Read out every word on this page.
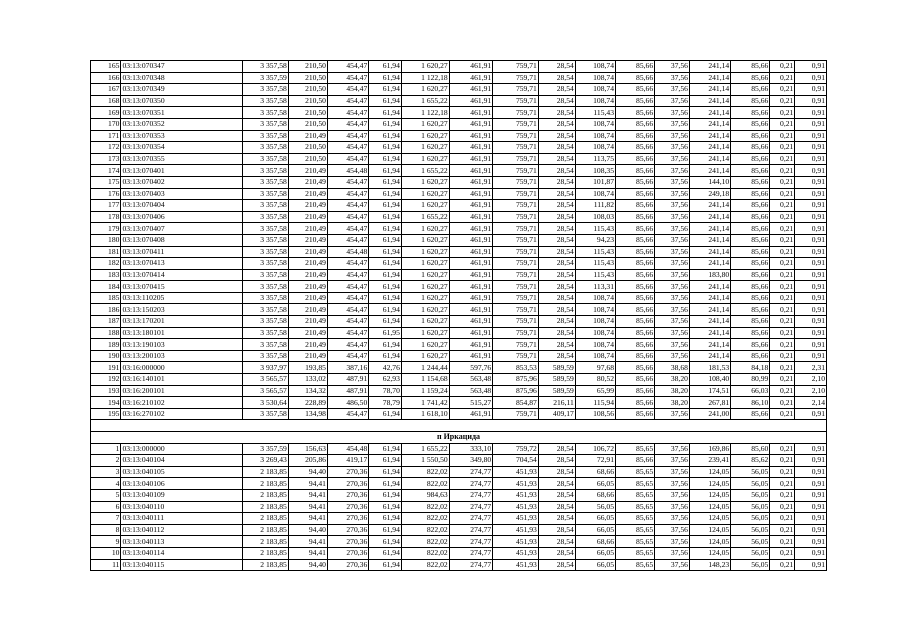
165	03:13:070347	3 357,58	210,50	454,47	61,94	1 620,27	461,91	759,71	28,54	108,74	85,66	37,56	241,14	85,66	0,21	0,91
166	03:13:070348	3 357,59	210,50	454,47	61,94	1 122,18	461,91	759,71	28,54	108,74	85,66	37,56	241,14	85,66	0,21	0,91
167	03:13:070349	3 357,58	210,50	454,47	61,94	1 620,27	461,91	759,71	28,54	108,74	85,66	37,56	241,14	85,66	0,21	0,91
168	03:13:070350	3 357,58	210,50	454,47	61,94	1 655,22	461,91	759,71	28,54	108,74	85,66	37,56	241,14	85,66	0,21	0,91
169	03:13:070351	3 357,58	210,50	454,47	61,94	1 122,18	461,91	759,71	28,54	115,43	85,66	37,56	241,14	85,66	0,21	0,91
170	03:13:070352	3 357,58	210,50	454,47	61,94	1 620,27	461,91	759,71	28,54	108,74	85,66	37,56	241,14	85,66	0,21	0,91
171	03:13:070353	3 357,58	210,49	454,47	61,94	1 620,27	461,91	759,71	28,54	108,74	85,66	37,56	241,14	85,66	0,21	0,91
172	03:13:070354	3 357,58	210,50	454,47	61,94	1 620,27	461,91	759,71	28,54	108,74	85,66	37,56	241,14	85,66	0,21	0,91
173	03:13:070355	3 357,58	210,50	454,47	61,94	1 620,27	461,91	759,71	28,54	113,75	85,66	37,56	241,14	85,66	0,21	0,91
174	03:13:070401	3 357,58	210,49	454,48	61,94	1 655,22	461,91	759,71	28,54	108,35	85,66	37,56	241,14	85,66	0,21	0,91
175	03:13:070402	3 357,58	210,49	454,47	61,94	1 620,27	461,91	759,71	28,54	101,87	85,66	37,56	144,10	85,66	0,21	0,91
176	03:13:070403	3 357,58	210,49	454,47	61,94	1 620,27	461,91	759,71	28,54	108,74	85,66	37,56	249,18	85,66	0,21	0,91
177	03:13:070404	3 357,58	210,49	454,47	61,94	1 620,27	461,91	759,71	28,54	111,82	85,66	37,56	241,14	85,66	0,21	0,91
178	03:13:070406	3 357,58	210,49	454,47	61,94	1 655,22	461,91	759,71	28,54	108,03	85,66	37,56	241,14	85,66	0,21	0,91
179	03:13:070407	3 357,58	210,49	454,47	61,94	1 620,27	461,91	759,71	28,54	115,43	85,66	37,56	241,14	85,66	0,21	0,91
180	03:13:070408	3 357,58	210,49	454,47	61,94	1 620,27	461,91	759,71	28,54	94,23	85,66	37,56	241,14	85,66	0,21	0,91
181	03:13:070411	3 357,58	210,49	454,48	61,94	1 620,27	461,91	759,71	28,54	115,43	85,66	37,56	241,14	85,66	0,21	0,91
182	03:13:070413	3 357,58	210,49	454,47	61,94	1 620,27	461,91	759,71	28,54	115,43	85,66	37,56	241,14	85,66	0,21	0,91
183	03:13:070414	3 357,58	210,49	454,47	61,94	1 620,27	461,91	759,71	28,54	115,43	85,66	37,56	183,80	85,66	0,21	0,91
184	03:13:070415	3 357,58	210,49	454,47	61,94	1 620,27	461,91	759,71	28,54	113,31	85,66	37,56	241,14	85,66	0,21	0,91
185	03:13:110205	3 357,58	210,49	454,47	61,94	1 620,27	461,91	759,71	28,54	108,74	85,66	37,56	241,14	85,66	0,21	0,91
186	03:13:150203	3 357,58	210,49	454,47	61,94	1 620,27	461,91	759,71	28,54	108,74	85,66	37,56	241,14	85,66	0,21	0,91
187	03:13:170201	3 357,58	210,49	454,47	61,94	1 620,27	461,91	759,71	28,54	108,74	85,66	37,56	241,14	85,66	0,21	0,91
188	03:13:180101	3 357,58	210,49	454,47	61,95	1 620,27	461,91	759,71	28,54	108,74	85,66	37,56	241,14	85,66	0,21	0,91
189	03:13:190103	3 357,58	210,49	454,47	61,94	1 620,27	461,91	759,71	28,54	108,74	85,66	37,56	241,14	85,66	0,21	0,91
190	03:13:200103	3 357,58	210,49	454,47	61,94	1 620,27	461,91	759,71	28,54	108,74	85,66	37,56	241,14	85,66	0,21	0,91
191	03:16:000000	3 937,97	193,85	387,16	42,76	1 244,44	597,76	853,53	589,59	97,68	85,66	38,68	181,53	84,18	0,21	2,31
192	03:16:140101	3 565,57	133,02	487,91	62,93	1 154,68	563,48	875,96	589,59	80,52	85,66	38,20	108,40	80,99	0,21	2,10
193	03:16:200101	3 565,57	134,32	487,91	78,70	1 159,24	563,48	875,96	589,59	65,99	85,66	38,20	174,51	66,03	0,21	2,10
194	03:16:210102	3 530,64	228,89	486,50	78,79	1 741,42	515,27	854,87	216,11	115,94	85,66	38,20	267,81	86,10	0,21	2,14
195	03:16:270102	3 357,58	134,98	454,47	61,94	1 618,10	461,91	759,71	409,17	108,56	85,66	37,56	241,00	85,66	0,21	0,91

п Иркацида																
1	03:13:000000	3 357,59	156,63	454,48	61,94	1 655,22	333,10	759,72	28,54	106,72	85,65	37,56	169,86	85,60	0,21	0,91
2	03:13:040104	3 269,43	205,86	419,17	61,94	1 550,50	349,80	704,54	28,54	72,91	85,66	37,56	239,41	85,62	0,21	0,91
3	03:13:040105	2 183,85	94,40	270,36	61,94	822,02	274,77	451,93	28,54	68,66	85,65	37,56	124,05	56,05	0,21	0,91
4	03:13:040106	2 183,85	94,41	270,36	61,94	822,02	274,77	451,93	28,54	66,05	85,65	37,56	124,05	56,05	0,21	0,91
5	03:13:040109	2 183,85	94,41	270,36	61,94	984,63	274,77	451,93	28,54	68,66	85,65	37,56	124,05	56,05	0,21	0,91
6	03:13:040110	2 183,85	94,41	270,36	61,94	822,02	274,77	451,93	28,54	56,05	85,65	37,56	124,05	56,05	0,21	0,91
7	03:13:040111	2 183,85	94,41	270,36	61,94	822,02	274,77	451,93	28,54	66,05	85,65	37,56	124,05	56,05	0,21	0,91
8	03:13:040112	2 183,85	94,40	270,36	61,94	822,02	274,77	451,93	28,54	66,05	85,65	37,56	124,05	56,05	0,21	0,91
9	03:13:040113	2 183,85	94,41	270,36	61,94	822,02	274,77	451,93	28,54	68,66	85,65	37,56	124,05	56,05	0,21	0,91
10	03:13:040114	2 183,85	94,41	270,36	61,94	822,02	274,77	451,93	28,54	66,05	85,65	37,56	124,05	56,05	0,21	0,91
11	03:13:040115	2 183,85	94,40	270,36	61,94	822,02	274,77	451,93	28,54	66,05	85,65	37,56	148,23	56,05	0,21	0,91
